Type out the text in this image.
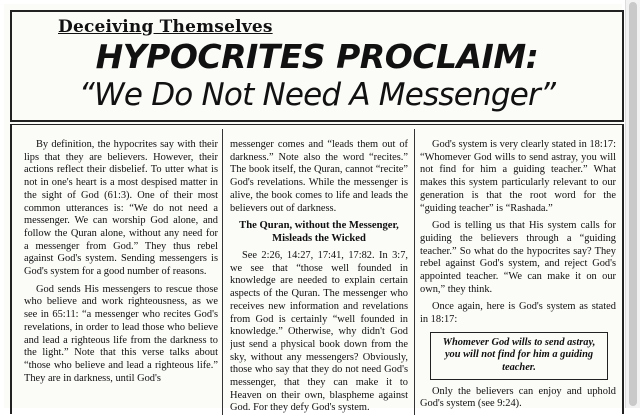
Deceiving Themselves
HYPOCRITES PROCLAIM:
“We Do Not Need A Messenger”

By definition, the hypocrites say with their lips that they are believers. However, their actions reflect their disbelief. To utter what is not in one's heart is a most despised matter in the sight of God (61:3). One of their most common utterances is: “We do not need a messenger. We can worship God alone, and follow the Quran alone, without any need for a messenger from God.” They thus rebel against God's system. Sending messengers is God's system for a good number of reasons.

God sends His messengers to rescue those who believe and work righteousness, as we see in 65:11: “a messenger who recites God's revelations, in order to lead those who believe and lead a righteous life from the darkness to the light.” Note that this verse talks about “those who believe and lead a righteous life.” They are in darkness, until God's

messenger comes and “leads them out of darkness.” Note also the word “recites.” The book itself, the Quran, cannot “recite” God's revelations. While the messenger is alive, the book comes to life and leads the believers out of darkness.

The Quran, without the Messenger,
Misleads the Wicked

See 2:26, 14:27, 17:41, 17:82. In 3:7, we see that “those well founded in knowledge are needed to explain certain aspects of the Quran. The messenger who receives new information and revelations from God is certainly “well founded in knowledge.” Otherwise, why didn't God just send a physical book down from the sky, without any messengers? Obviously, those who say that they do not need God's messenger, that they can make it to Heaven on their own, blaspheme against God. For they defy God's system.

God's system is very clearly stated in 18:17: “Whomever God wills to send astray, you will not find for him a guiding teacher.” What makes this system particularly relevant to our generation is that the root word for the “guiding teacher” is “Rashada.”

God is telling us that His system calls for guiding the believers through a “guiding teacher.” So what do the hypocrites say? They rebel against God's system, and reject God's appointed teacher. “We can make it on our own,” they think.

Once again, here is God's system as stated in 18:17:

Whomever God wills to send astray, you will not find for him a guiding teacher.

Only the believers can enjoy and uphold God's system (see 9:24).
